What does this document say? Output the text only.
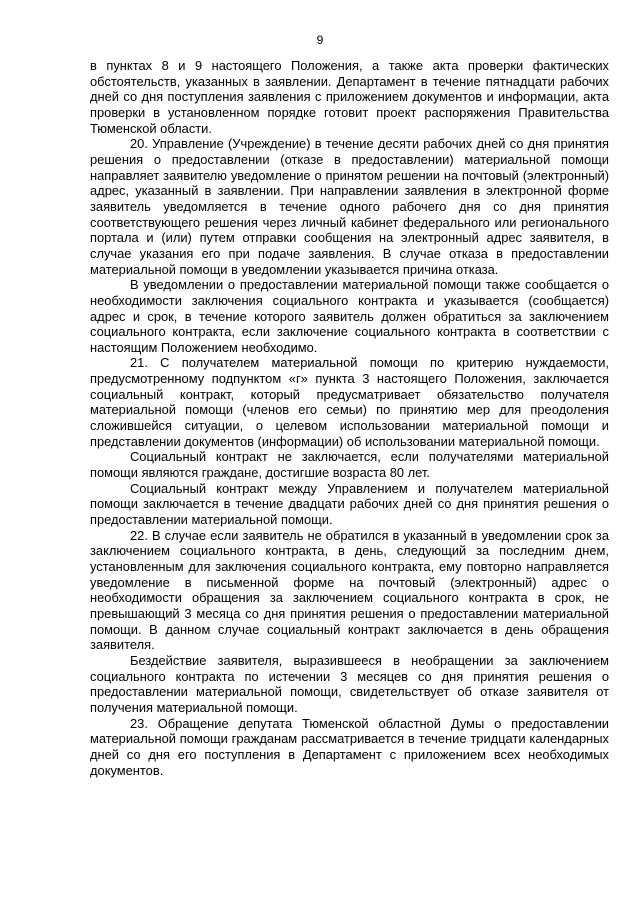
9

в пунктах 8 и 9 настоящего Положения, а также акта проверки фактических обстоятельств, указанных в заявлении. Департамент в течение пятнадцати рабочих дней со дня поступления заявления с приложением документов и информации, акта проверки в установленном порядке готовит проект распоряжения Правительства Тюменской области.

20. Управление (Учреждение) в течение десяти рабочих дней со дня принятия решения о предоставлении (отказе в предоставлении) материальной помощи направляет заявителю уведомление о принятом решении на почтовый (электронный) адрес, указанный в заявлении. При направлении заявления в электронной форме заявитель уведомляется в течение одного рабочего дня со дня принятия соответствующего решения через личный кабинет федерального или регионального портала и (или) путем отправки сообщения на электронный адрес заявителя, в случае указания его при подаче заявления. В случае отказа в предоставлении материальной помощи в уведомлении указывается причина отказа.

В уведомлении о предоставлении материальной помощи также сообщается о необходимости заключения социального контракта и указывается (сообщается) адрес и срок, в течение которого заявитель должен обратиться за заключением социального контракта, если заключение социального контракта в соответствии с настоящим Положением необходимо.

21. С получателем материальной помощи по критерию нуждаемости, предусмотренному подпунктом «г» пункта 3 настоящего Положения, заключается социальный контракт, который предусматривает обязательство получателя материальной помощи (членов его семьи) по принятию мер для преодоления сложившейся ситуации, о целевом использовании материальной помощи и представлении документов (информации) об использовании материальной помощи.

Социальный контракт не заключается, если получателями материальной помощи являются граждане, достигшие возраста 80 лет.

Социальный контракт между Управлением и получателем материальной помощи заключается в течение двадцати рабочих дней со дня принятия решения о предоставлении материальной помощи.

22. В случае если заявитель не обратился в указанный в уведомлении срок за заключением социального контракта, в день, следующий за последним днем, установленным для заключения социального контракта, ему повторно направляется уведомление в письменной форме на почтовый (электронный) адрес о необходимости обращения за заключением социального контракта в срок, не превышающий 3 месяца со дня принятия решения о предоставлении материальной помощи. В данном случае социальный контракт заключается в день обращения заявителя.

Бездействие заявителя, выразившееся в необращении за заключением социального контракта по истечении 3 месяцев со дня принятия решения о предоставлении материальной помощи, свидетельствует об отказе заявителя от получения материальной помощи.

23. Обращение депутата Тюменской областной Думы о предоставлении материальной помощи гражданам рассматривается в течение тридцати календарных дней со дня его поступления в Департамент с приложением всех необходимых документов.
